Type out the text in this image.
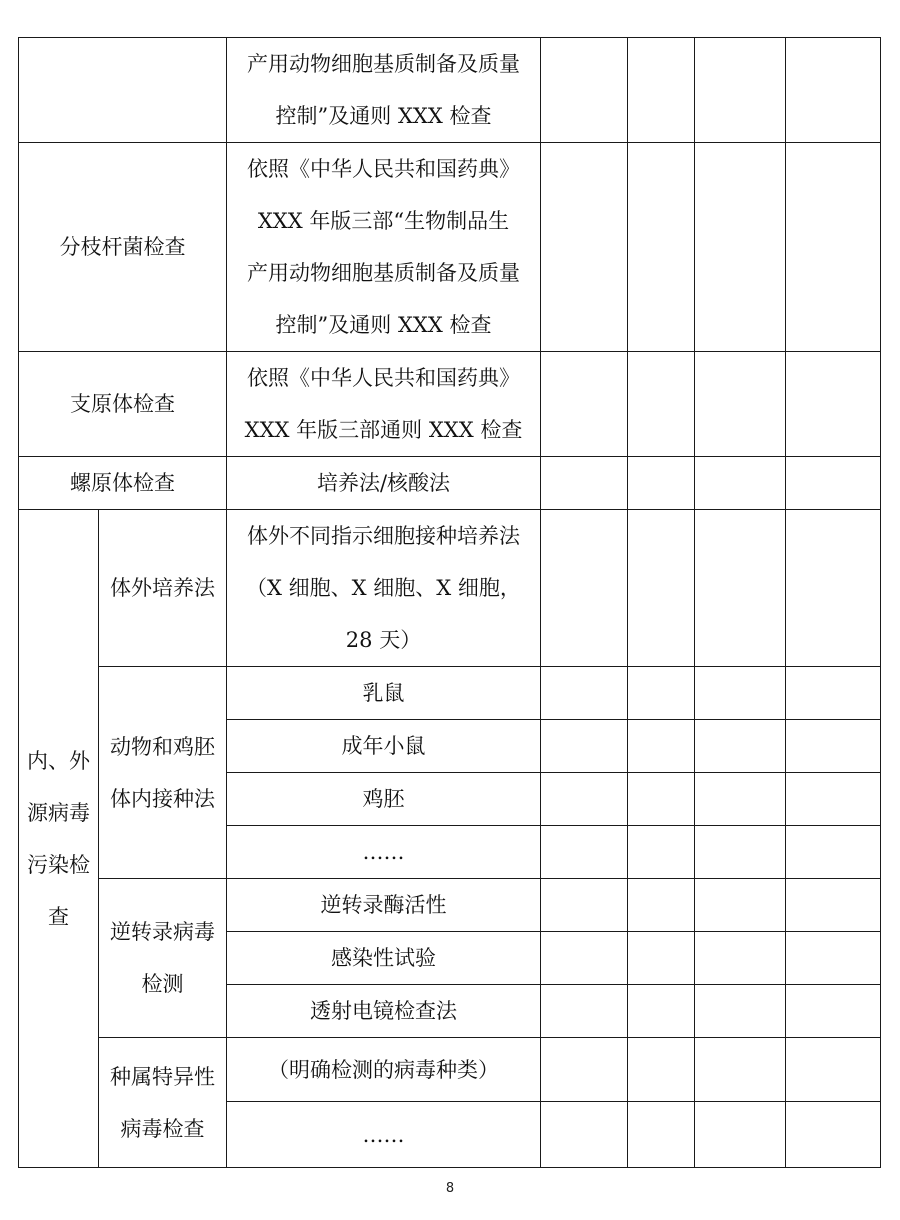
		产用动物细胞基质制备及质量
控制”及通则 XXX 检查				

分枝杆菌检查		依照《中华人民共和国药典》
XXX 年版三部“生物制品生
产用动物细胞基质制备及质量
控制”及通则 XXX 检查				

支原体检查		依照《中华人民共和国药典》
XXX 年版三部通则 XXX 检查				

螺原体检查		培养法/核酸法				

内、外
源病毒
污染检
查	体外培养法	体外不同指示细胞接种培养法
（X 细胞、X 细胞、X 细胞，
28 天）				

	动物和鸡胚
体内接种法	乳鼠				
		成年小鼠				
		鸡胚				
		……				

	逆转录病毒
检测	逆转录酶活性				
		感染性试验				
		透射电镜检查法				

	种属特异性
病毒检查	（明确检测的病毒种类）				
		……				
8
